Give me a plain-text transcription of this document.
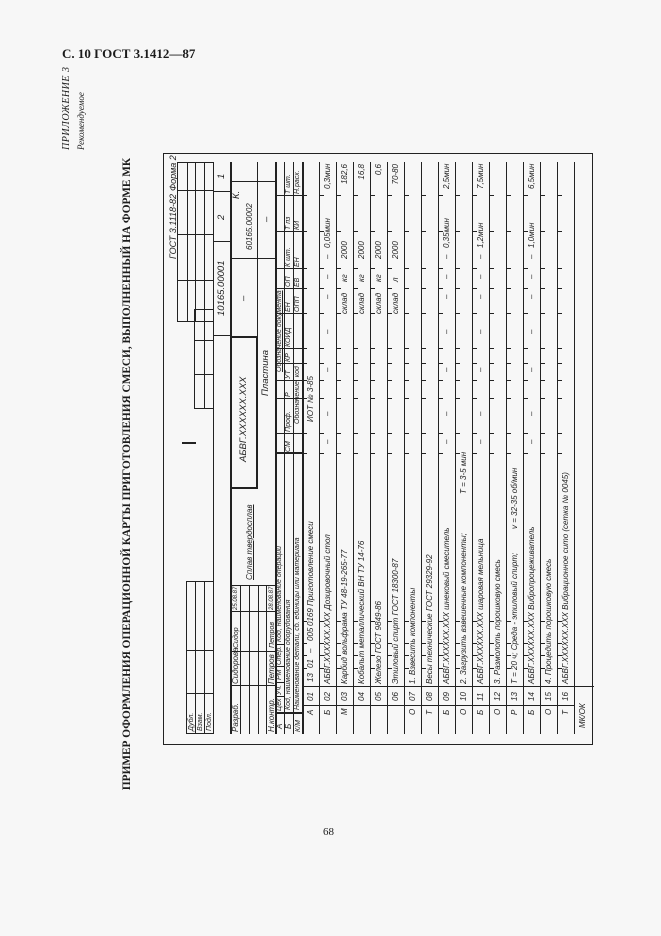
С. 10 ГОСТ 3.1412—87
ПРИЛОЖЕНИЕ 3 Рекомендуемое
ПРИМЕР ОФОРМЛЕНИЯ ОПЕРАЦИОННОЙ КАРТЫ ПРИГОТОВЛЕНИЯ СМЕСИ, ВЫПОЛНЕННЫЙ НА ФОРМЕ МК
68
ГОСТ 3.1118-82
Форма 2
Дубл. Взам. Подл.
10165.00001
2
1
Разраб.
Сидорова
Сидор
25.08.87
Н.контр.
Петров
Петров
28.08.87
Сплав твердосплав
АБВГ.XXXXXX.XXX
–
К.
60165.00002
Пластина
–
А Б К/М
Цех
Уч.
РМ
Опер.
Код, наименование операции
Код, наименование оборудования Наименование детали, сб. единицы или материала
Обозначение документа
СМ
Проф.
Р
УТ
КР
КОИД
ЕН
ОП
К шт.
Т пз
Т шт.
Обозначение, код
ОПП
ЕВ
ЕН
КИ
Н.расх.
А
01
13
01
–
005
0169 Приготовление смеси
ИОТ № 3-85
Б
02
АБВГ.XXXXXX.XXX Дозировочный стол
–
–
–
–
–
–
–
0,05мин
0,3мин
М
03
Карбид вольфрама ТУ 48-19-265-77
склад
кг
2000
182,6
04
Кобальт металлический ВН ТУ 14-76
склад
кг
2000
16,8
05
Железо ГОСТ 9849-86
склад
кг
2000
0,6
06
Этиловый спирт ГОСТ 18300-87
склад
л
2000
70-80
О
07
1. Взвесить компоненты
Т
08
Весы технические ГОСТ 29329-92
Б
09
АБВГ.XXXXXX.XXX шнековый смеситель
–
–
–
–
–
–
–
0,35мин
2,5мин
О
10
2. Загрузить взвешенные компоненты;
Т = 3-5 мин
Б
11
АБВГ.XXXXXX.XXX шаровая мельница
–
–
–
–
–
–
–
1,2мин
7,5мин
О
12
3. Размолоть порошковую смесь
Р
13
Т = 20 ч; Среда - этиловый спирт;
v = 32-35 об/мин
Б
14
АБВГ.XXXXXX.XXX Вибропроцеживатель
–
–
–
–
–
–
–
1,0мин
6,5мин
О
15
4. Процедить порошковую смесь
Т
16
АБВГ.XXXXXX.XXX Вибрационное сито (сетка № 0045)
МК/ОК
